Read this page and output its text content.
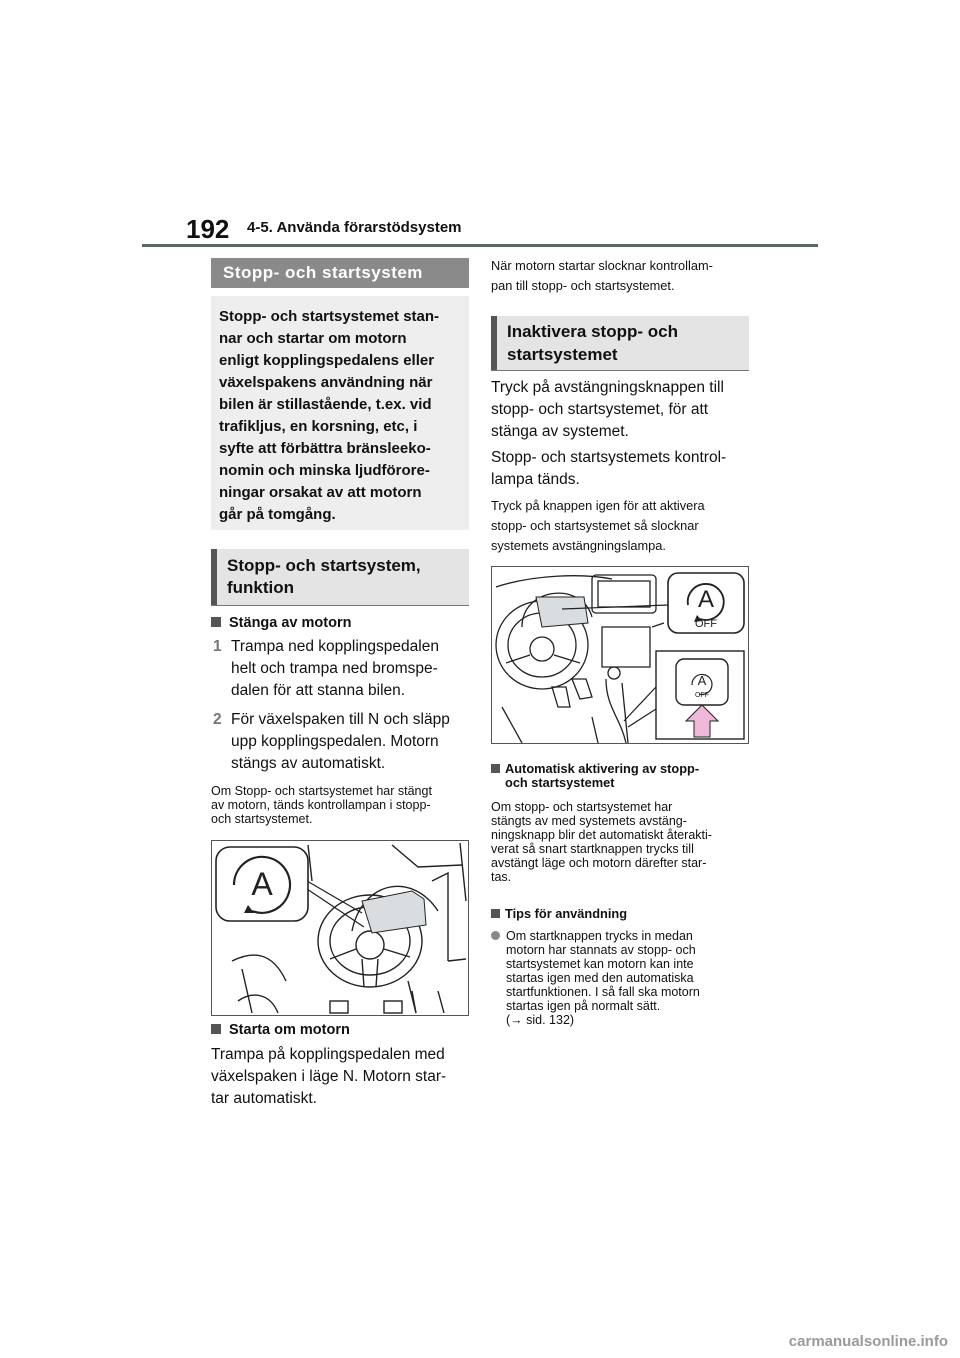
192 4-5. Använda förarstödsystem
Stopp- och startsystem
Stopp- och startsystemet stan-
nar och startar om motorn
enligt kopplingspedalens eller
växelspakens användning när
bilen är stillastående, t.ex. vid
trafikljus, en korsning, etc, i
syfte att förbättra bränsleeko-
nomin och minska ljudförore-
ningar orsakat av att motorn
går på tomgång.
Stopp- och startsystem,
funktion
Stänga av motorn
1 Trampa ned kopplingspedalen
helt och trampa ned bromspe-
dalen för att stanna bilen.
2 För växelspaken till N och släpp
upp kopplingspedalen. Motorn
stängs av automatiskt.
Om Stopp- och startsystemet har stängt
av motorn, tänds kontrollampan i stopp-
och startsystemet.
A
Starta om motorn
Trampa på kopplingspedalen med
växelspaken i läge N. Motorn star-
tar automatiskt.
När motorn startar slocknar kontrollam-
pan till stopp- och startsystemet.
Inaktivera stopp- och
startsystemet
Tryck på avstängningsknappen till
stopp- och startsystemet, för att
stänga av systemet.
Stopp- och startsystemets kontrol-
lampa tänds.
Tryck på knappen igen för att aktivera
stopp- och startsystemet så slocknar
systemets avstängningslampa.
A
OFF
A
OFF
Automatisk aktivering av stopp-
och startsystemet
Om stopp- och startsystemet har
stängts av med systemets avstäng-
ningsknapp blir det automatiskt återakti-
verat så snart startknappen trycks till
avstängt läge och motorn därefter star-
tas.
Tips för användning
Om startknappen trycks in medan
motorn har stannats av stopp- och
startsystemet kan motorn kan inte
startas igen med den automatiska
startfunktionen. I så fall ska motorn
startas igen på normalt sätt.
(→ sid. 132)
carmanualsonline.info
